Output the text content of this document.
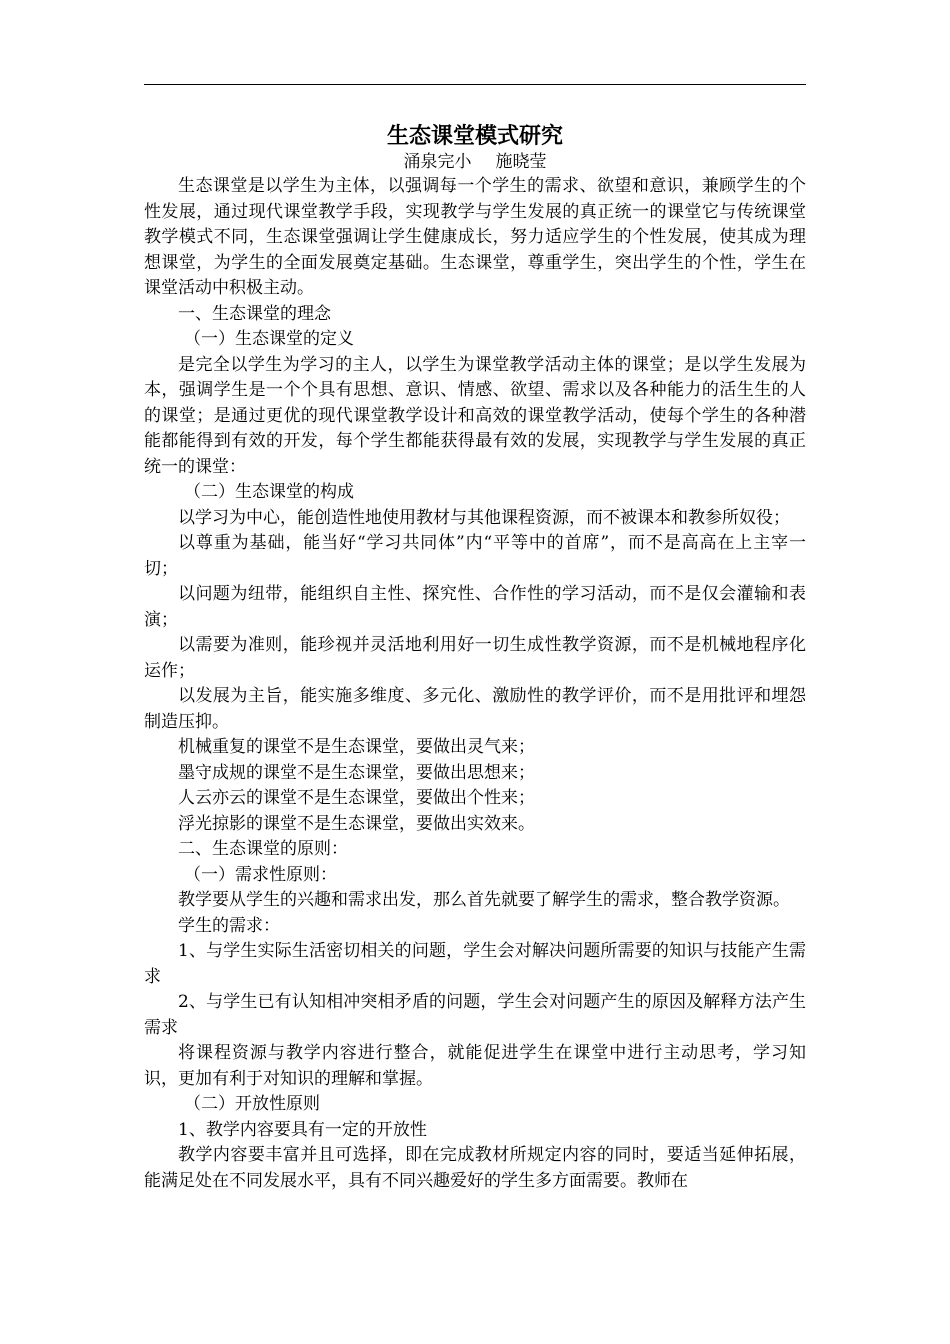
生态课堂模式研究
涌泉完小 施晓莹

生态课堂是以学生为主体，以强调每一个学生的需求、欲望和意识，兼顾学生的个性发展，通过现代课堂教学手段，实现教学与学生发展的真正统一的课堂它与传统课堂教学模式不同，生态课堂强调让学生健康成长，努力适应学生的个性发展，使其成为理想课堂，为学生的全面发展奠定基础。生态课堂，尊重学生，突出学生的个性，学生在课堂活动中积极主动。

一、生态课堂的理念

（一）生态课堂的定义

是完全以学生为学习的主人，以学生为课堂教学活动主体的课堂；是以学生发展为本，强调学生是一个个具有思想、意识、情感、欲望、需求以及各种能力的活生生的人的课堂；是通过更优的现代课堂教学设计和高效的课堂教学活动，使每个学生的各种潜能都能得到有效的开发，每个学生都能获得最有效的发展，实现教学与学生发展的真正统一的课堂：

（二）生态课堂的构成

以学习为中心，能创造性地使用教材与其他课程资源，而不被课本和教参所奴役；

以尊重为基础，能当好“学习共同体”内“平等中的首席”，而不是高高在上主宰一切；

以问题为纽带，能组织自主性、探究性、合作性的学习活动，而不是仅会灌输和表演；

以需要为准则，能珍视并灵活地利用好一切生成性教学资源，而不是机械地程序化运作；

以发展为主旨，能实施多维度、多元化、激励性的教学评价，而不是用批评和埋怨制造压抑。

机械重复的课堂不是生态课堂，要做出灵气来；

墨守成规的课堂不是生态课堂，要做出思想来；

人云亦云的课堂不是生态课堂，要做出个性来；

浮光掠影的课堂不是生态课堂，要做出实效来。

二、生态课堂的原则：

（一）需求性原则：

教学要从学生的兴趣和需求出发，那么首先就要了解学生的需求，整合教学资源。

学生的需求：

1、与学生实际生活密切相关的问题，学生会对解决问题所需要的知识与技能产生需求

2、与学生已有认知相冲突相矛盾的问题，学生会对问题产生的原因及解释方法产生需求

将课程资源与教学内容进行整合，就能促进学生在课堂中进行主动思考，学习知识，更加有利于对知识的理解和掌握。

（二）开放性原则

1、教学内容要具有一定的开放性

教学内容要丰富并且可选择，即在完成教材所规定内容的同时，要适当延伸拓展，能满足处在不同发展水平，具有不同兴趣爱好的学生多方面需要。教师在
